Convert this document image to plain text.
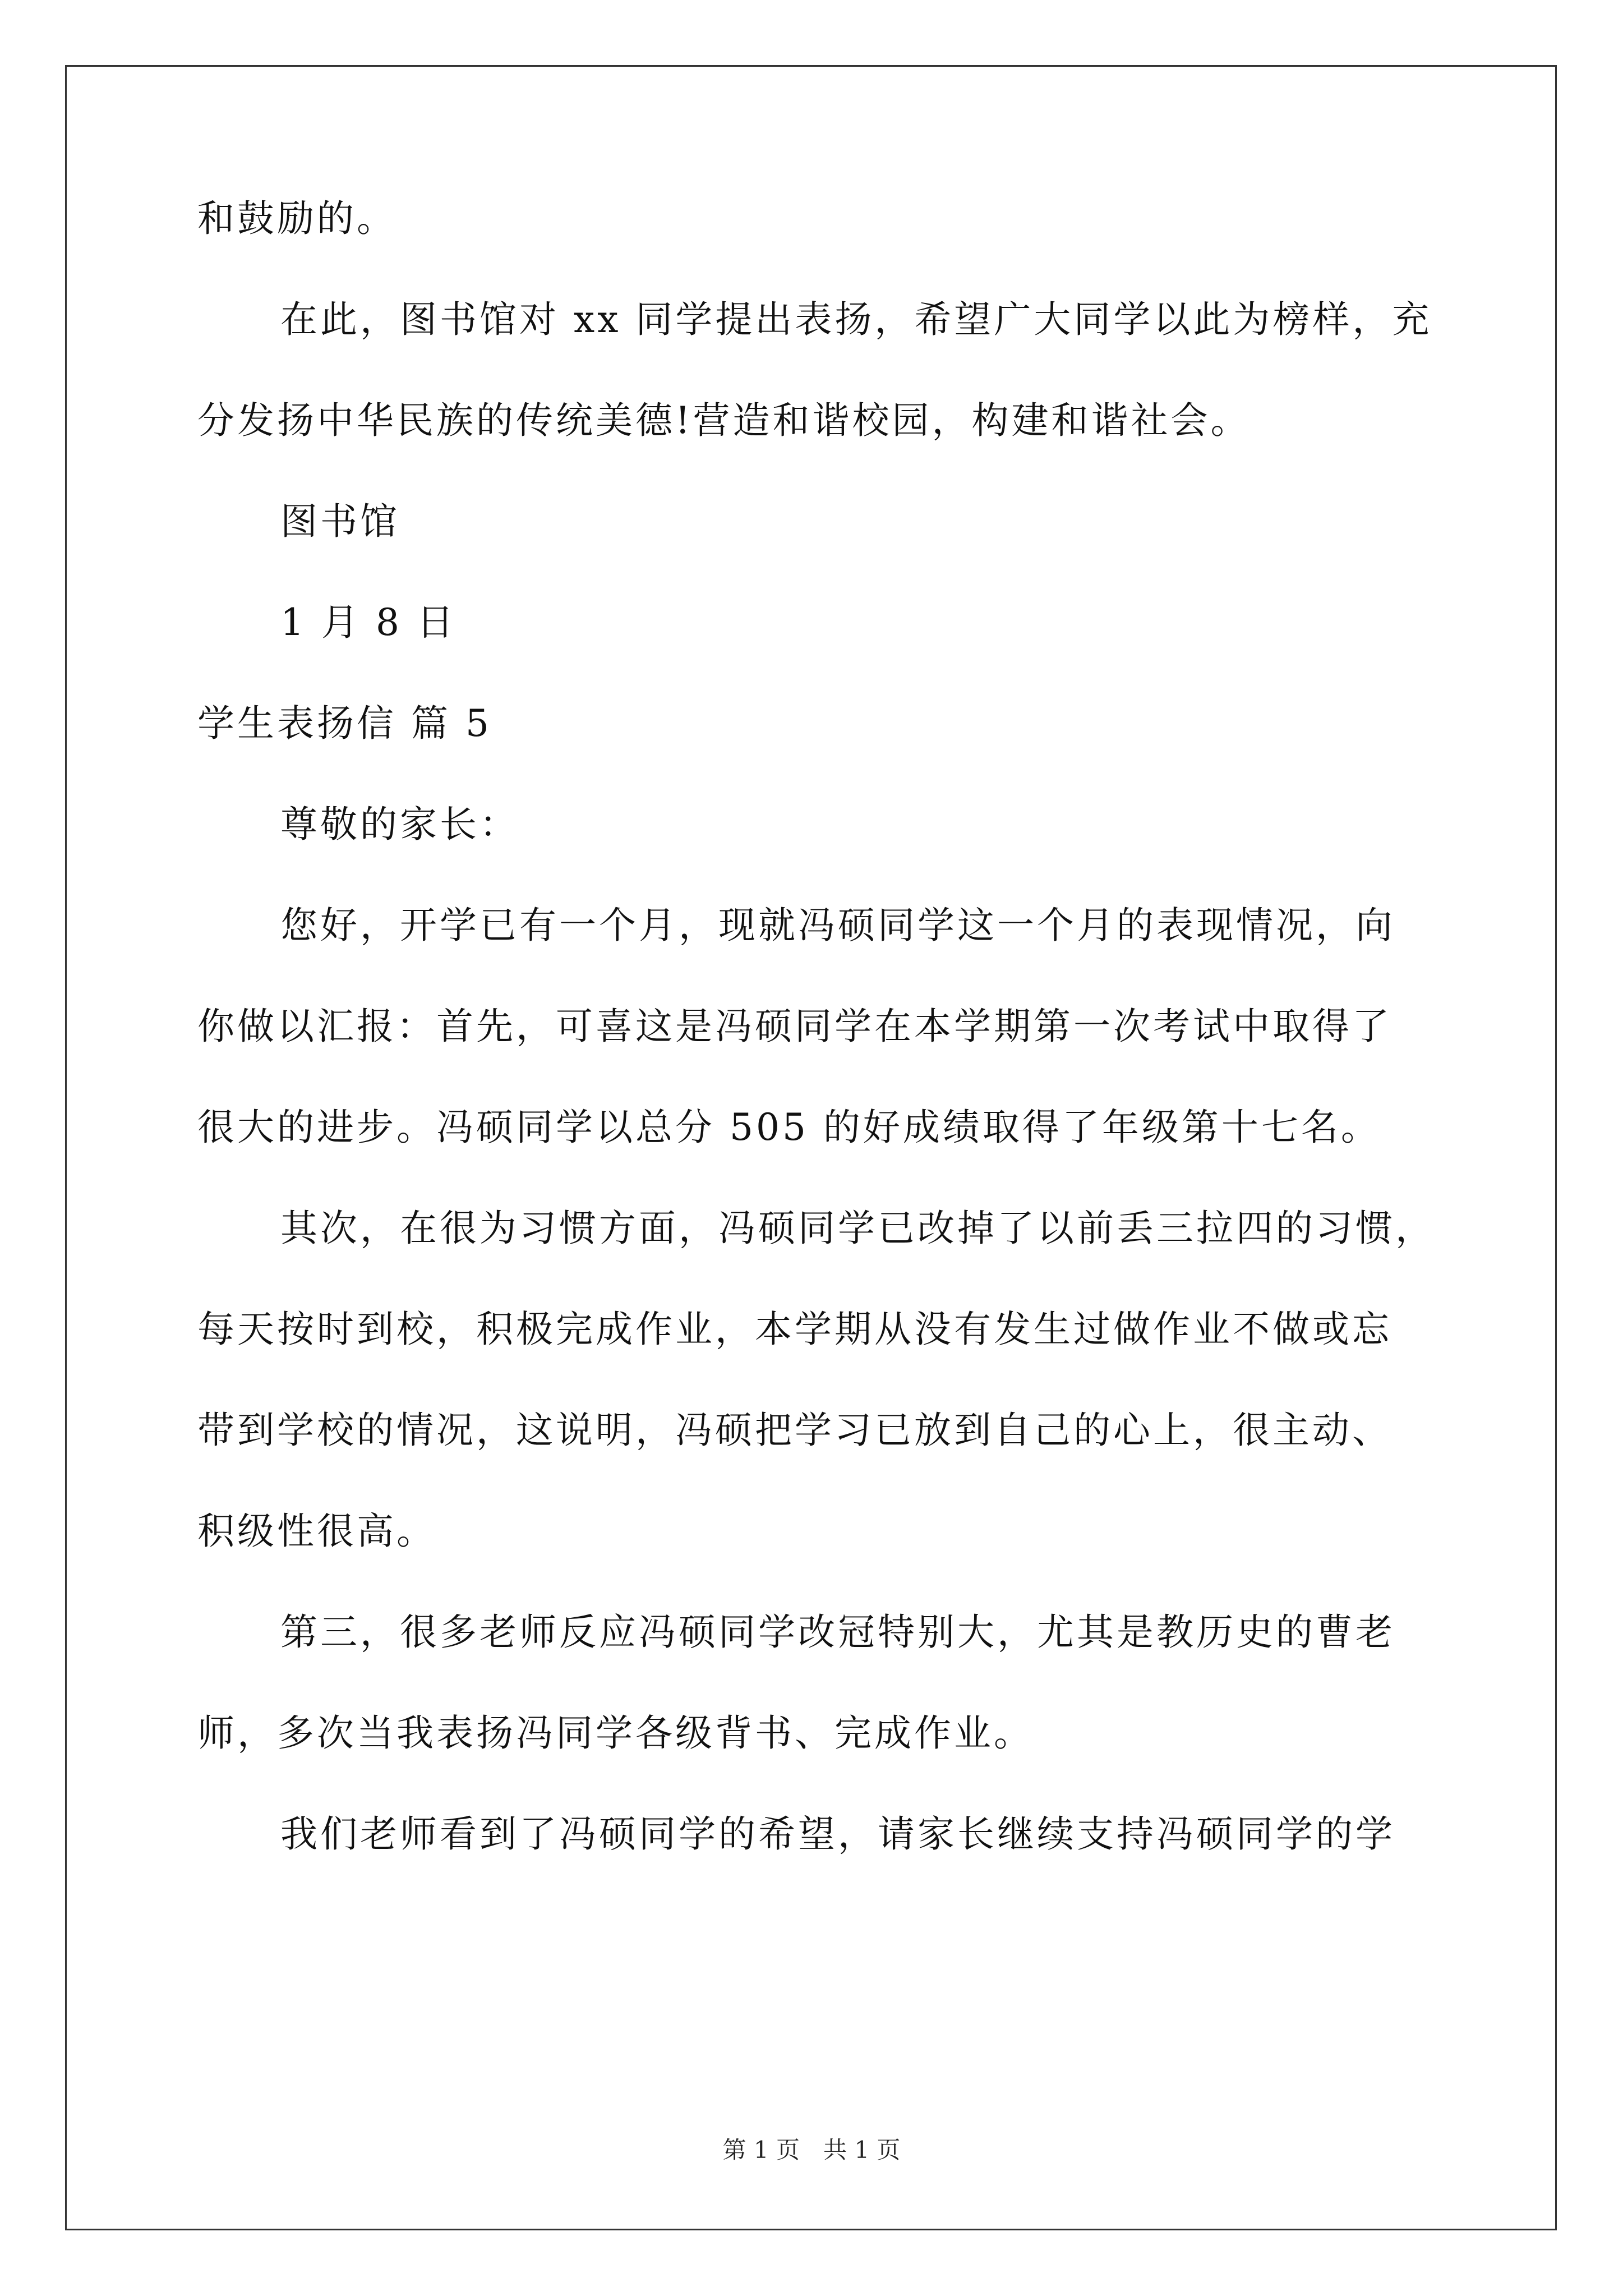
和鼓励的。
在此，图书馆对 xx 同学提出表扬，希望广大同学以此为榜样，充
分发扬中华民族的传统美德!营造和谐校园，构建和谐社会。
图书馆
1 月 8 日
学生表扬信 篇 5
尊敬的家长：
您好，开学已有一个月，现就冯硕同学这一个月的表现情况，向
你做以汇报：首先，可喜这是冯硕同学在本学期第一次考试中取得了
很大的进步。冯硕同学以总分 505 的好成绩取得了年级第十七名。
其次，在很为习惯方面，冯硕同学已改掉了以前丢三拉四的习惯，
每天按时到校，积极完成作业，本学期从没有发生过做作业不做或忘
带到学校的情况，这说明，冯硕把学习已放到自己的心上，很主动、
积级性很高。
第三，很多老师反应冯硕同学改冠特别大，尤其是教历史的曹老
师，多次当我表扬冯同学各级背书、完成作业。
我们老师看到了冯硕同学的希望，请家长继续支持冯硕同学的学
第 1 页　共 1 页
